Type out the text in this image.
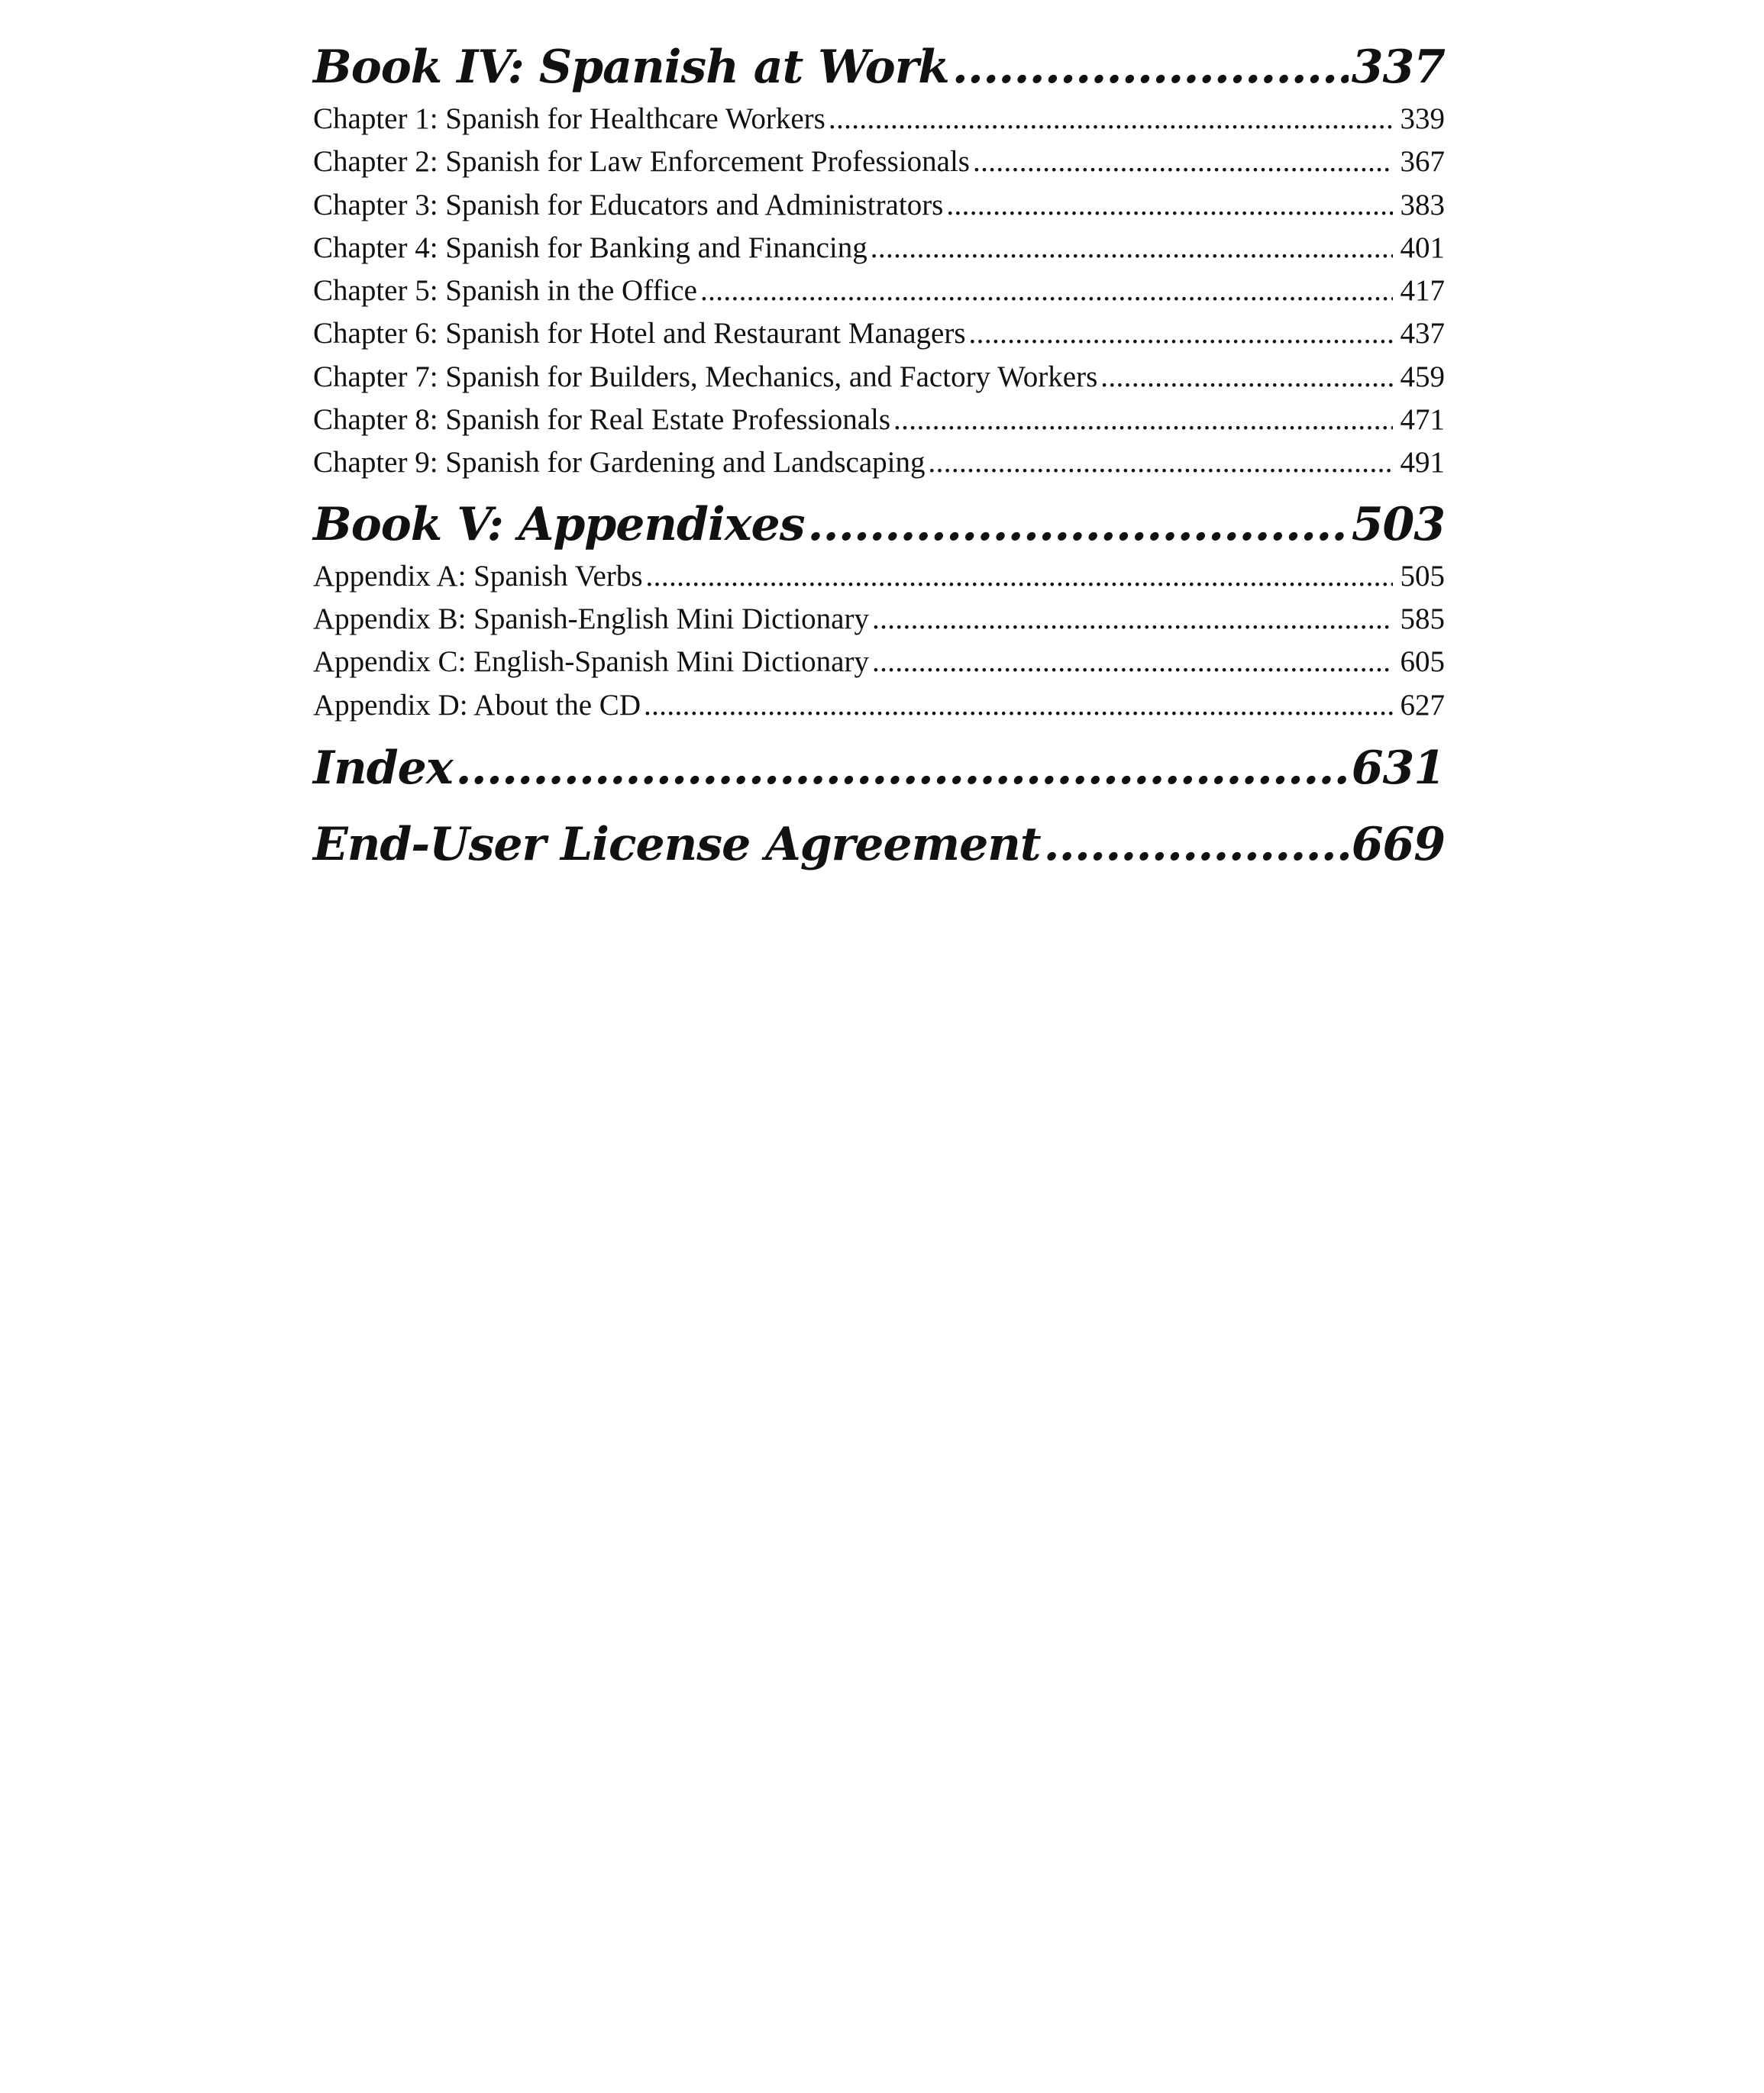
Book IV: Spanish at Work . . .	337
Chapter 1: Spanish for Healthcare Workers . . .	339
Chapter 2: Spanish for Law Enforcement Professionals . . .	367
Chapter 3: Spanish for Educators and Administrators . . .	383
Chapter 4: Spanish for Banking and Financing . . .	401
Chapter 5: Spanish in the Office . . .	417
Chapter 6: Spanish for Hotel and Restaurant Managers . . .	437
Chapter 7: Spanish for Builders, Mechanics, and Factory Workers . . .	459
Chapter 8: Spanish for Real Estate Professionals . . .	471
Chapter 9: Spanish for Gardening and Landscaping . . .	491
Book V: Appendixes . . .	503
Appendix A: Spanish Verbs . . .	505
Appendix B: Spanish-English Mini Dictionary . . .	585
Appendix C: English-Spanish Mini Dictionary . . .	605
Appendix D: About the CD . . .	627
Index . . .	631
End-User License Agreement . . .	669
